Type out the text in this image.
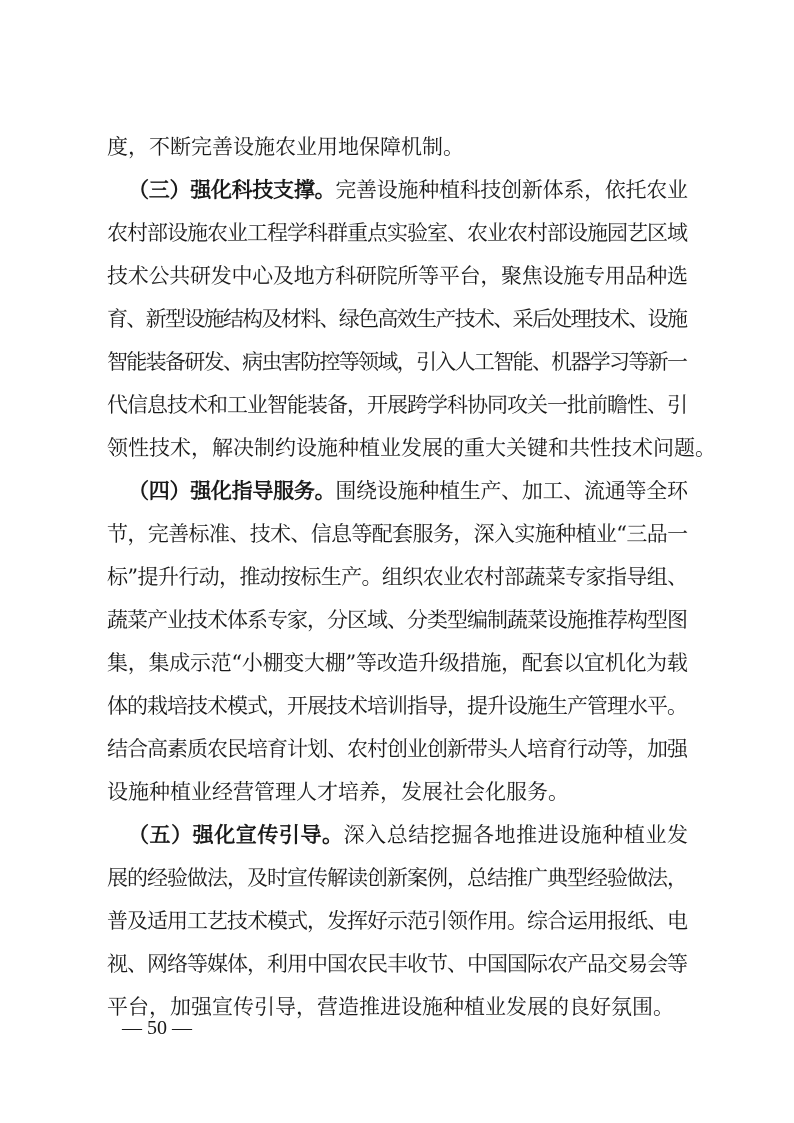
度，不断完善设施农业用地保障机制。
（三）强化科技支撑。完善设施种植科技创新体系，依托农业
农村部设施农业工程学科群重点实验室、农业农村部设施园艺区域
技术公共研发中心及地方科研院所等平台，聚焦设施专用品种选
育、新型设施结构及材料、绿色高效生产技术、采后处理技术、设施
智能装备研发、病虫害防控等领域，引入人工智能、机器学习等新一
代信息技术和工业智能装备，开展跨学科协同攻关一批前瞻性、引
领性技术，解决制约设施种植业发展的重大关键和共性技术问题。
（四）强化指导服务。围绕设施种植生产、加工、流通等全环
节，完善标准、技术、信息等配套服务，深入实施种植业“三品一
标”提升行动，推动按标生产。组织农业农村部蔬菜专家指导组、
蔬菜产业技术体系专家，分区域、分类型编制蔬菜设施推荐构型图
集，集成示范“小棚变大棚”等改造升级措施，配套以宜机化为载
体的栽培技术模式，开展技术培训指导，提升设施生产管理水平。
结合高素质农民培育计划、农村创业创新带头人培育行动等，加强
设施种植业经营管理人才培养，发展社会化服务。
（五）强化宣传引导。深入总结挖掘各地推进设施种植业发
展的经验做法，及时宣传解读创新案例，总结推广典型经验做法，
普及适用工艺技术模式，发挥好示范引领作用。综合运用报纸、电
视、网络等媒体，利用中国农民丰收节、中国国际农产品交易会等
平台，加强宣传引导，营造推进设施种植业发展的良好氛围。
— 50 —
